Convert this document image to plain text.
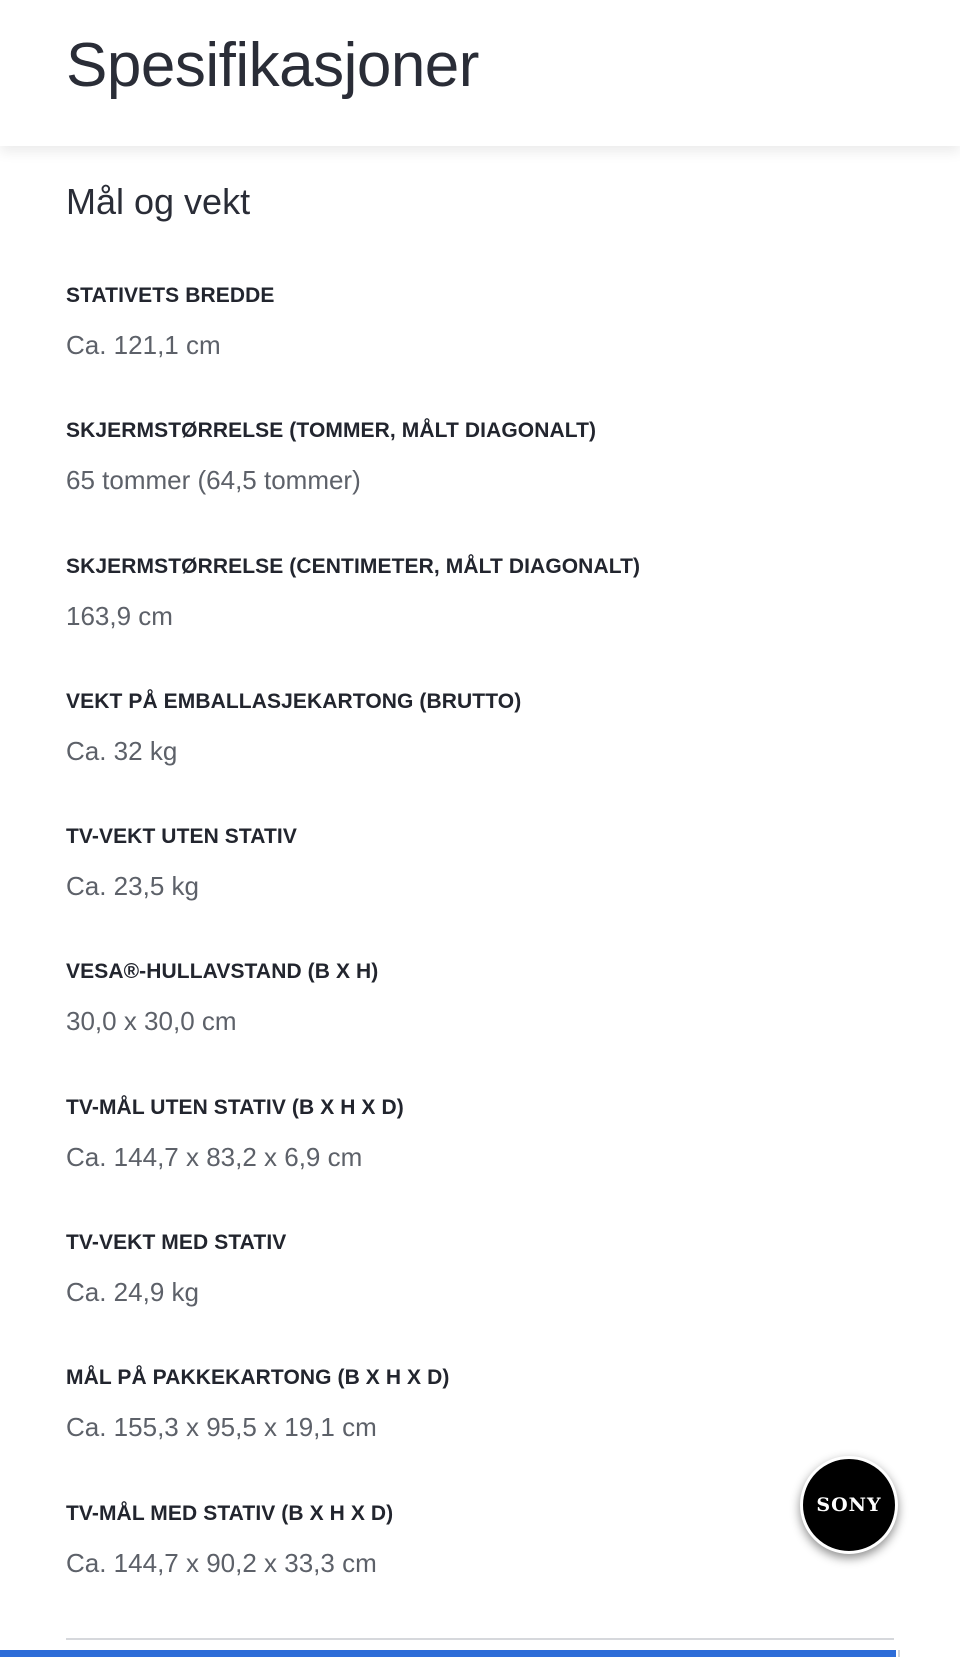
Spesifikasjoner
Mål og vekt
STATIVETS BREDDE
Ca. 121,1 cm
SKJERMSTØRRELSE (TOMMER, MÅLT DIAGONALT)
65 tommer (64,5 tommer)
SKJERMSTØRRELSE (CENTIMETER, MÅLT DIAGONALT)
163,9 cm
VEKT PÅ EMBALLASJEKARTONG (BRUTTO)
Ca. 32 kg
TV-VEKT UTEN STATIV
Ca. 23,5 kg
VESA®-HULLAVSTAND (B X H)
30,0 x 30,0 cm
TV-MÅL UTEN STATIV (B X H X D)
Ca. 144,7 x 83,2 x 6,9 cm
TV-VEKT MED STATIV
Ca. 24,9 kg
MÅL PÅ PAKKEKARTONG (B X H X D)
Ca. 155,3 x 95,5 x 19,1 cm
TV-MÅL MED STATIV (B X H X D)
Ca. 144,7 x 90,2 x 33,3 cm
SONY
